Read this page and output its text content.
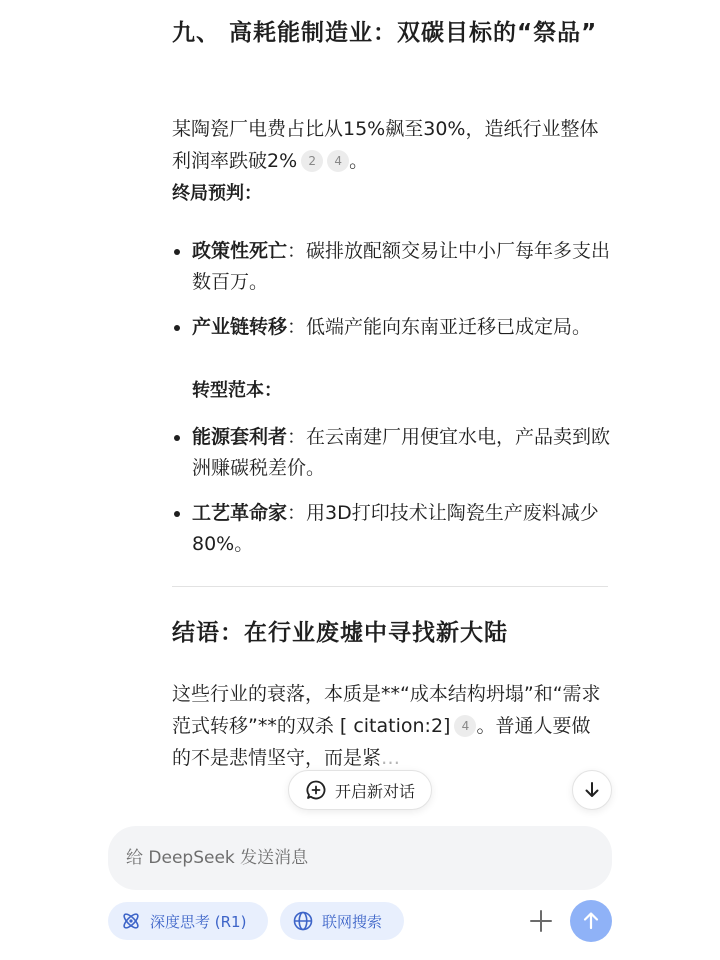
九、 高耗能制造业：双碳目标的“祭品”

某陶瓷厂电费占比从15%飙至30%，造纸行业整体利润率跌破2% 2 4 。

终局预判：

政策性死亡：碳排放配额交易让中小厂每年多支出数百万。
产业链转移：低端产能向东南亚迁移已成定局。

转型范本：

能源套利者：在云南建厂用便宜水电，产品卖到欧洲赚碳税差价。
工艺革命家：用3D打印技术让陶瓷生产废料减少80%。
结语：在行业废墟中寻找新大陆

这些行业的衰落，本质是**“成本结构坍塌”和“需求范式转移”**的双杀 [ citation:2] 4 。普通人要做的不是悲情坚守，而是紧…

开启新对话
给 DeepSeek 发送消息
深度思考 (R1)	联网搜索
